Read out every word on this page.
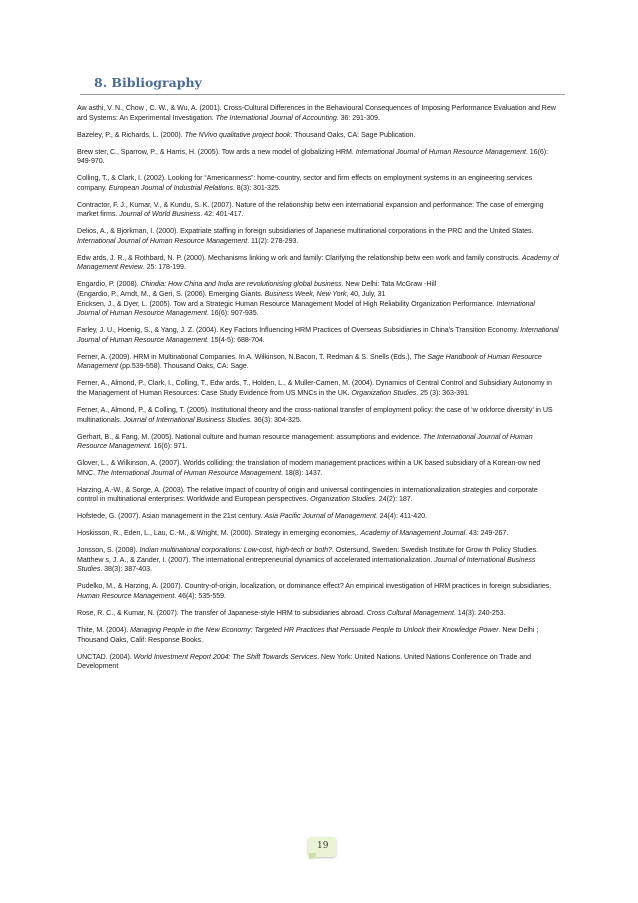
8. Bibliography

Aw asthi, V. N., Chow , C. W., & Wu, A. (2001). Cross-Cultural Differences in the Behavioural Consequences of Imposing Performance Evaluation and Rew ard Systems: An Experimental Investigation. The International Journal of Accounting. 36: 291-309.

Bazeley, P., & Richards, L. (2000). The NVivo qualitative project book. Thousand Oaks, CA: Sage Publication.

Brew ster, C., Sparrow, P., & Harris, H. (2005). Tow ards a new model of globalizing HRM. International Journal of Human Resource Management. 16(6): 949-970.

Colling, T., & Clark, I. (2002). Looking for “Americanness”: home-country, sector and firm effects on employment systems in an engineering services company. European Journal of Industrial Relations. 8(3): 301-325.

Contractor, F. J., Kumar, V., & Kundu, S. K. (2007). Nature of the relationship betw een international expansion and performance: The case of emerging market firms. Journal of World Business. 42: 401-417.

Delios, A., & Bjorkman, I. (2000). Expatriate staffing in foreign subsidiaries of Japanese multinational corporations in the PRC and the United States. International Journal of Human Resource Management. 11(2): 278-293.

Edw ards, J. R., & Rothbard, N. P. (2000). Mechanisms linking w ork and family: Clarifying the relationship betw een work and family constructs. Academy of Management Review. 25: 178-199.

Engardio, P. (2008). Chindia: How China and India are revolutionising global business. New Delhi: Tata McGraw -Hill

(Engardio, P., Arndt, M., & Geri, S. (2006). Emerging Giants. Business Week, New York, 40, July, 31

Ericksen, J., & Dyer, L. (2005). Tow ard a Strategic Human Resource Management Model of High Reliability Organization Performance. International Journal of Human Resource Management. 16(6): 907-935.

Farley, J. U., Hoenig, S., & Yang, J. Z. (2004). Key Factors Influencing HRM Practices of Overseas Subsidiaries in China's Transition Economy. International Journal of Human Resource Management. 15(4-5): 688-704.

Ferner, A. (2009). HRM in Multinational Companies. In A. Wilkinson, N.Bacon, T. Redman & S. Snells (Eds.), The Sage Handbook of Human Resource Management (pp.539-558). Thousand Oaks, CA: Sage.

Ferner, A., Almond, P., Clark, I., Colling, T., Edw ards, T., Holden, L., & Muller-Camen, M. (2004). Dynamics of Central Control and Subsidiary Autonomy in the Management of Human Resources: Case Study Evidence from US MNCs in the UK. Organization Studies. 25 (3): 363-391.

Ferner, A., Almond, P., & Colling, T. (2005). Institutional theory and the cross-national transfer of employment policy: the case of ‘w orkforce diversity’ in US multinationals. Journal of International Business Studies. 36(3): 304-325.

Gerhart, B., & Fang, M. (2005). National culture and human resource management: assumptions and evidence. The International Journal of Human Resource Management. 16(6): 971.

Glover, L., & Wilkinson, A. (2007). Worlds colliding: the translation of modern management practices within a UK based subsidiary of a Korean-ow ned MNC. The International Journal of Human Resource Management. 18(8): 1437.

Harzing, A.-W., & Sorge, A. (2003). The relative impact of country of origin and universal contingencies in internationalization strategies and corporate control in multinational enterprises: Worldwide and European perspectives. Organization Studies. 24(2): 187.

Hofstede, G. (2007). Asian management in the 21st century. Asia Pacific Journal of Management. 24(4): 411-420.

Hoskisson, R., Eden, L., Lau, C.-M., & Wright, M. (2000). Strategy in emerging economies,. Academy of Management Journal. 43: 249-267.

Jonsson, S. (2008). Indian multinational corporations: Low-cost, high-tech or both?. Ostersund, Sweden: Swedish Institute for Grow th Policy Studies.

Matthew s, J. A., & Zander, I. (2007). The international entrepreneurial dynamics of accelerated internationalization. Journal of International Business Studies. 38(3): 387-403.

Pudelko, M., & Harzing, A. (2007). Country-of-origin, localization, or dominance effect? An empirical investigation of HRM practices in foreign subsidiaries. Human Resource Management. 46(4): 535-559.

Rose, R. C., & Kumar, N. (2007). The transfer of Japanese-style HRM to subsidiaries abroad. Cross Cultural Management. 14(3): 240-253.

Thite, M. (2004). Managing People in the New Economy: Targeted HR Practices that Persuade People to Unlock their Knowledge Power. New Delhi ; Thousand Oaks, Calif: Response Books.

UNCTAD. (2004). World Investment Report 2004: The Shift Towards Services. New York: United Nations. United Nations Conference on Trade and Development

19
